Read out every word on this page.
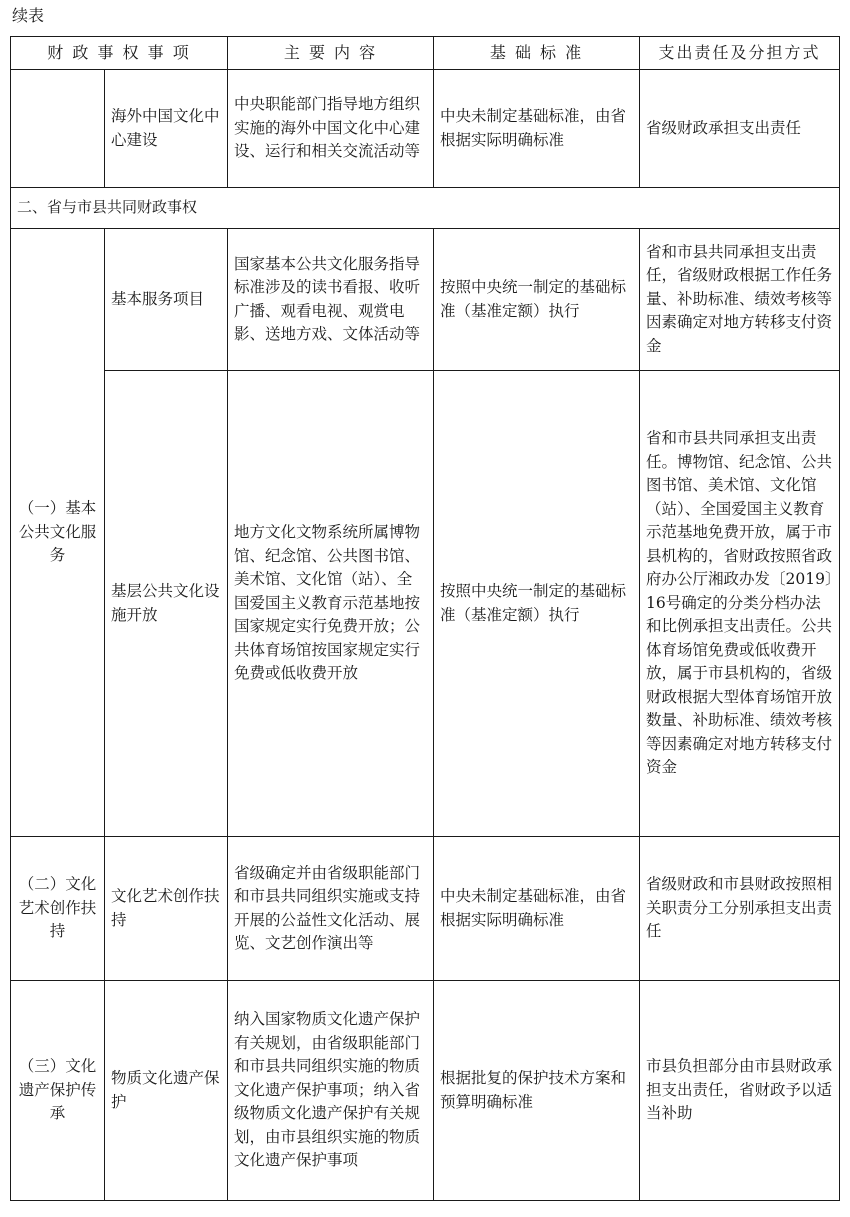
续表
财 政 事 权 事 项		主 要 内 容	基 础 标 准	支出责任及分担方式
	海外中国文化中心建设	中央职能部门指导地方组织实施的海外中国文化中心建设、运行和相关交流活动等	中央未制定基础标准，由省根据实际明确标准	省级财政承担支出责任
二、省与市县共同财政事权				
（一）基本公共文化服务	基本服务项目	国家基本公共文化服务指导标准涉及的读书看报、收听广播、观看电视、观赏电影、送地方戏、文体活动等	按照中央统一制定的基础标准（基准定额）执行	省和市县共同承担支出责任，省级财政根据工作任务量、补助标准、绩效考核等因素确定对地方转移支付资金
	基层公共文化设施开放	地方文化文物系统所属博物馆、纪念馆、公共图书馆、美术馆、文化馆（站）、全国爱国主义教育示范基地按国家规定实行免费开放；公共体育场馆按国家规定实行免费或低收费开放	按照中央统一制定的基础标准（基准定额）执行	省和市县共同承担支出责任。博物馆、纪念馆、公共图书馆、美术馆、文化馆（站）、全国爱国主义教育示范基地免费开放，属于市县机构的，省财政按照省政府办公厅湘政办发〔2019〕16号确定的分类分档办法和比例承担支出责任。公共体育场馆免费或低收费开放，属于市县机构的，省级财政根据大型体育场馆开放数量、补助标准、绩效考核等因素确定对地方转移支付资金
（二）文化艺术创作扶持	文化艺术创作扶持	省级确定并由省级职能部门和市县共同组织实施或支持开展的公益性文化活动、展览、文艺创作演出等	中央未制定基础标准，由省根据实际明确标准	省级财政和市县财政按照相关职责分工分别承担支出责任
（三）文化遗产保护传承	物质文化遗产保护	纳入国家物质文化遗产保护有关规划，由省级职能部门和市县共同组织实施的物质文化遗产保护事项；纳入省级物质文化遗产保护有关规划，由市县组织实施的物质文化遗产保护事项	根据批复的保护技术方案和预算明确标准	市县负担部分由市县财政承担支出责任，省财政予以适当补助
